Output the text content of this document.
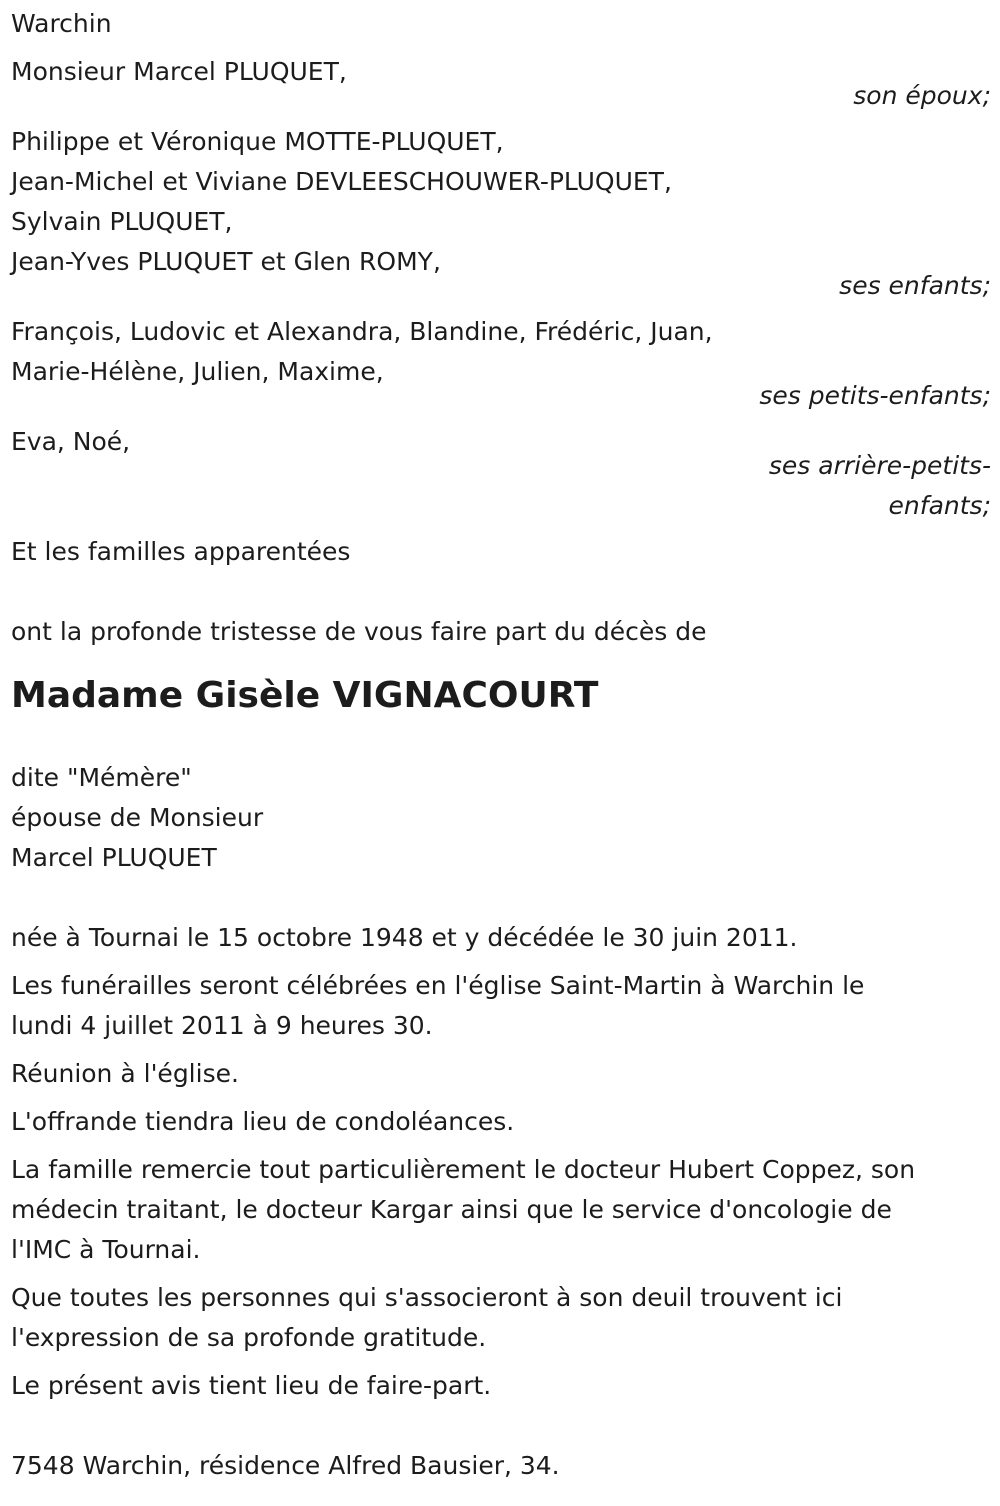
Warchin
Monsieur Marcel PLUQUET,
son époux;
Philippe et Véronique MOTTE-PLUQUET,
Jean-Michel et Viviane DEVLEESCHOUWER-PLUQUET,
Sylvain PLUQUET,
Jean-Yves PLUQUET et Glen ROMY,
ses enfants;
François, Ludovic et Alexandra, Blandine, Frédéric, Juan,
Marie-Hélène, Julien, Maxime,
ses petits-enfants;
Eva, Noé,
ses arrière-petits-
enfants;
Et les familles apparentées
ont la profonde tristesse de vous faire part du décès de
Madame Gisèle VIGNACOURT
dite "Mémère"
épouse de Monsieur
Marcel PLUQUET
née à Tournai le 15 octobre 1948 et y décédée le 30 juin 2011.
Les funérailles seront célébrées en l'église Saint-Martin à Warchin le
lundi 4 juillet 2011 à 9 heures 30.
Réunion à l'église.
L'offrande tiendra lieu de condoléances.
La famille remercie tout particulièrement le docteur Hubert Coppez, son
médecin traitant, le docteur Kargar ainsi que le service d'oncologie de
l'IMC à Tournai.
Que toutes les personnes qui s'associeront à son deuil trouvent ici
l'expression de sa profonde gratitude.
Le présent avis tient lieu de faire-part.
7548 Warchin, résidence Alfred Bausier, 34.
